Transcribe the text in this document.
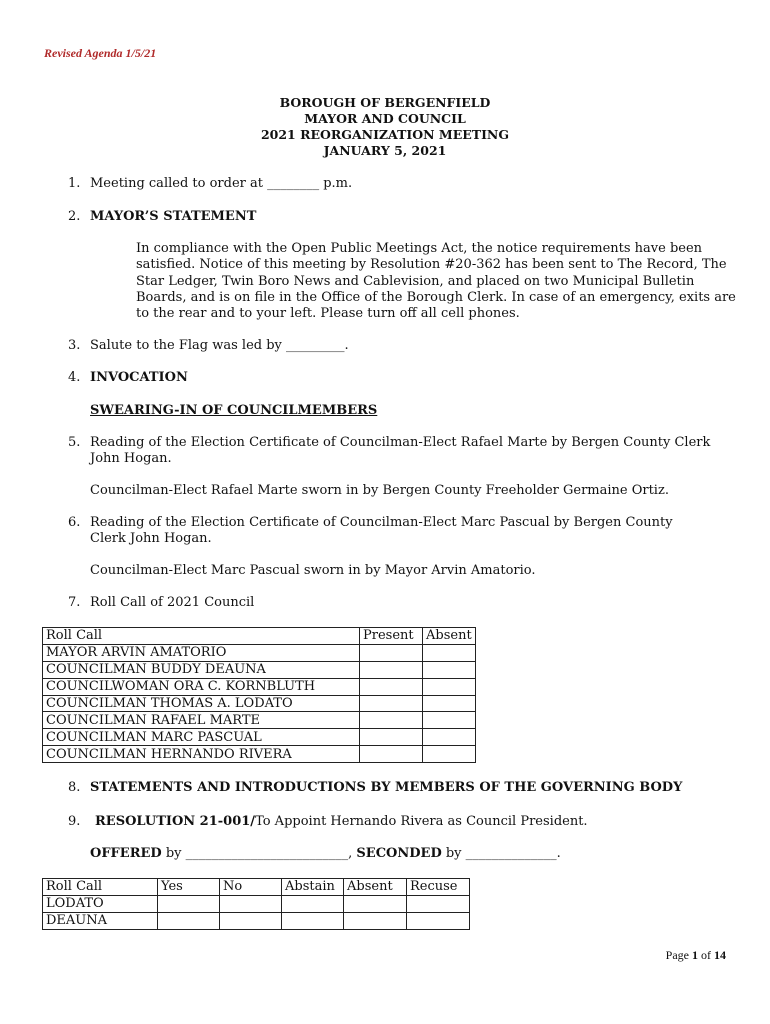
Revised Agenda 1/5/21
BOROUGH OF BERGENFIELD
MAYOR AND COUNCIL
2021 REORGANIZATION MEETING
JANUARY 5, 2021
1. Meeting called to order at ________ p.m.
2. MAYOR’S STATEMENT
In compliance with the Open Public Meetings Act, the notice requirements have been satisfied. Notice of this meeting by Resolution #20-362 has been sent to The Record, The Star Ledger, Twin Boro News and Cablevision, and placed on two Municipal Bulletin Boards, and is on file in the Office of the Borough Clerk. In case of an emergency, exits are to the rear and to your left. Please turn off all cell phones.
3. Salute to the Flag was led by _________.
4. INVOCATION
SWEARING-IN OF COUNCILMEMBERS
5. Reading of the Election Certificate of Councilman-Elect Rafael Marte by Bergen County Clerk
John Hogan.
Councilman-Elect Rafael Marte sworn in by Bergen County Freeholder Germaine Ortiz.
6. Reading of the Election Certificate of Councilman-Elect Marc Pascual by Bergen County
Clerk John Hogan.
Councilman-Elect Marc Pascual sworn in by Mayor Arvin Amatorio.
7. Roll Call of 2021 Council
Roll Call	Present	Absent
MAYOR ARVIN AMATORIO		
COUNCILMAN BUDDY DEAUNA		
COUNCILWOMAN ORA C. KORNBLUTH		
COUNCILMAN THOMAS A. LODATO		
COUNCILMAN RAFAEL MARTE		
COUNCILMAN MARC PASCUAL		
COUNCILMAN HERNANDO RIVERA		
8. STATEMENTS AND INTRODUCTIONS BY MEMBERS OF THE GOVERNING BODY
9. RESOLUTION 21-001/To Appoint Hernando Rivera as Council President.
OFFERED by _________________________, SECONDED by ______________.
Roll Call	Yes	No	Abstain	Absent	Recuse
LODATO					
DEAUNA					
Page 1 of 14
